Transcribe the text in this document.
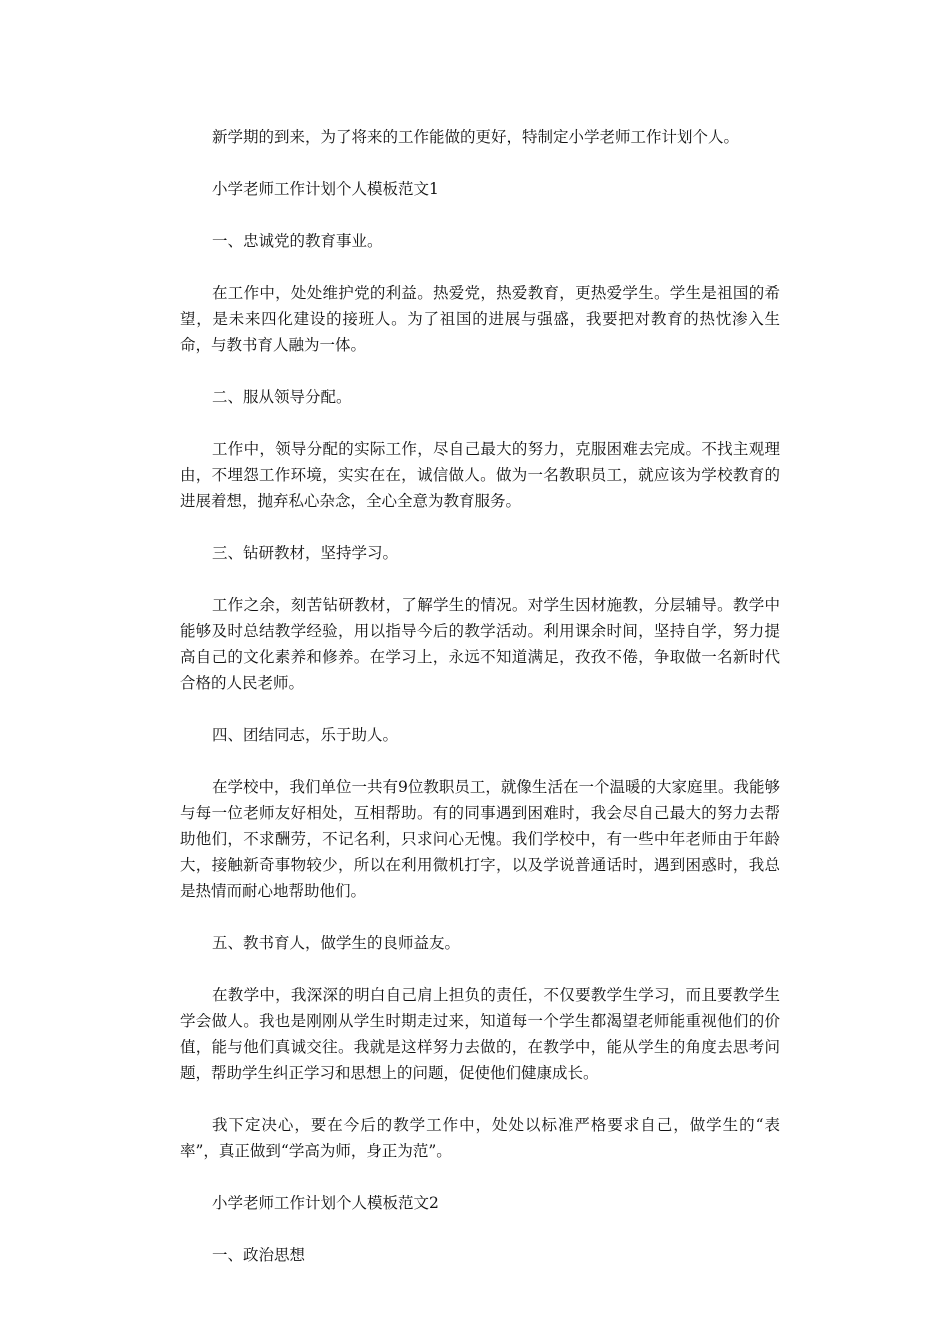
新学期的到来，为了将来的工作能做的更好，特制定小学老师工作计划个人。

小学老师工作计划个人模板范文1

一、忠诚党的教育事业。

在工作中，处处维护党的利益。热爱党，热爱教育，更热爱学生。学生是祖国的希望，是未来四化建设的接班人。为了祖国的进展与强盛，我要把对教育的热忱渗入生命，与教书育人融为一体。

二、服从领导分配。

工作中，领导分配的实际工作，尽自己最大的努力，克服困难去完成。不找主观理由，不埋怨工作环境，实实在在，诚信做人。做为一名教职员工，就应该为学校教育的进展着想，抛弃私心杂念，全心全意为教育服务。

三、钻研教材，坚持学习。

工作之余，刻苦钻研教材，了解学生的情况。对学生因材施教，分层辅导。教学中能够及时总结教学经验，用以指导今后的教学活动。利用课余时间，坚持自学，努力提高自己的文化素养和修养。在学习上，永远不知道满足，孜孜不倦，争取做一名新时代合格的人民老师。

四、团结同志，乐于助人。

在学校中，我们单位一共有9位教职员工，就像生活在一个温暖的大家庭里。我能够与每一位老师友好相处，互相帮助。有的同事遇到困难时，我会尽自己最大的努力去帮助他们，不求酬劳，不记名利，只求问心无愧。我们学校中，有一些中年老师由于年龄大，接触新奇事物较少，所以在利用微机打字，以及学说普通话时，遇到困惑时，我总是热情而耐心地帮助他们。

五、教书育人，做学生的良师益友。

在教学中，我深深的明白自己肩上担负的责任，不仅要教学生学习，而且要教学生学会做人。我也是刚刚从学生时期走过来，知道每一个学生都渴望老师能重视他们的价值，能与他们真诚交往。我就是这样努力去做的，在教学中，能从学生的角度去思考问题，帮助学生纠正学习和思想上的问题，促使他们健康成长。

我下定决心，要在今后的教学工作中，处处以标准严格要求自己，做学生的“表率”，真正做到“学高为师，身正为范”。

小学老师工作计划个人模板范文2

一、政治思想
